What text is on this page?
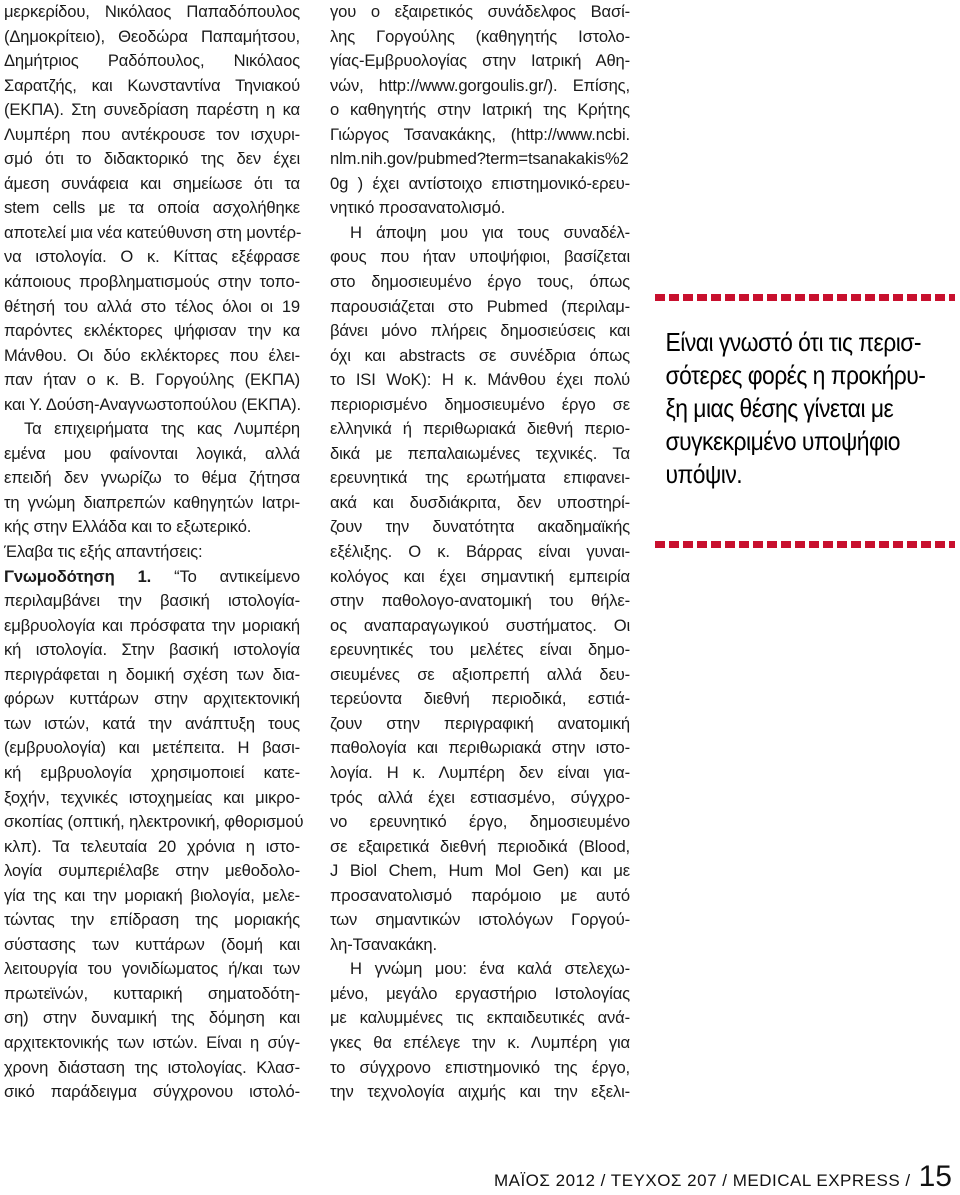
μερκερίδου, Νικόλαος Παπαδόπουλος
(Δημοκρίτειο), Θεοδώρα Παπαμήτσου,
Δημήτριος Ραδόπουλος, Νικόλαος
Σαρατζής, και Κωνσταντίνα Τηνιακού
(ΕΚΠΑ). Στη συνεδρίαση παρέστη η κα
Λυμπέρη που αντέκρουσε τον ισχυρι-
σμό ότι το διδακτορικό της δεν έχει
άμεση συνάφεια και σημείωσε ότι τα
stem cells με τα οποία ασχολήθηκε
αποτελεί μια νέα κατεύθυνση στη μοντέρ-
να ιστολογία. Ο κ. Κίττας εξέφρασε
κάποιους προβληματισμούς στην τοπο-
θέτησή του αλλά στο τέλος όλοι οι 19
παρόντες εκλέκτορες ψήφισαν την κα
Μάνθου. Οι δύο εκλέκτορες που έλει-
παν ήταν ο κ. Β. Γοργούλης (ΕΚΠΑ)
και Υ. Δούση-Αναγνωστοπούλου (ΕΚΠΑ).
Τα επιχειρήματα της κας Λυμπέρη
εμένα μου φαίνονται λογικά, αλλά
επειδή δεν γνωρίζω το θέμα ζήτησα
τη γνώμη διαπρεπών καθηγητών Ιατρι-
κής στην Ελλάδα και το εξωτερικό.
Έλαβα τις εξής απαντήσεις:
Γνωμοδότηση 1. “Το αντικείμενο
περιλαμβάνει την βασική ιστολογία-
εμβρυολογία και πρόσφατα την μοριακή
κή ιστολογία. Στην βασική ιστολογία
περιγράφεται η δομική σχέση των δια-
φόρων κυττάρων στην αρχιτεκτονική
των ιστών, κατά την ανάπτυξη τους
(εμβρυολογία) και μετέπειτα. Η βασι-
κή εμβρυολογία χρησιμοποιεί κατε-
ξοχήν, τεχνικές ιστοχημείας και μικρο-
σκοπίας (οπτική, ηλεκτρονική, φθορισμού
κλπ). Τα τελευταία 20 χρόνια η ιστο-
λογία συμπεριέλαβε στην μεθοδολο-
γία της και την μοριακή βιολογία, μελε-
τώντας την επίδραση της μοριακής
σύστασης των κυττάρων (δομή και
λειτουργία του γονιδίωματος ή/και των
πρωτεϊνών, κυτταρική σηματοδότη-
ση) στην δυναμική της δόμηση και
αρχιτεκτονικής των ιστών. Είναι η σύγ-
χρονη διάσταση της ιστολογίας. Κλασ-
σικό παράδειγμα σύγχρονου ιστολό-
γου ο εξαιρετικός συνάδελφος Βασί-
λης Γοργούλης (καθηγητής Ιστολο-
γίας-Εμβρυολογίας στην Ιατρική Αθη-
νών, http://www.gorgoulis.gr/). Επίσης,
ο καθηγητής στην Ιατρική της Κρήτης
Γιώργος Τσανακάκης, (http://www.ncbi.
nlm.nih.gov/pubmed?term=tsanakakis%2
0g ) έχει αντίστοιχο επιστημονικό-ερευ-
νητικό προσανατολισμό.
Η άποψη μου για τους συναδέλ-
φους που ήταν υποψήφιοι, βασίζεται
στο δημοσιευμένο έργο τους, όπως
παρουσιάζεται στο Pubmed (περιλαμ-
βάνει μόνο πλήρεις δημοσιεύσεις και
όχι και abstracts σε συνέδρια όπως
το ISI WoK): Η κ. Μάνθου έχει πολύ
περιορισμένο δημοσιευμένο έργο σε
ελληνικά ή περιθωριακά διεθνή περιο-
δικά με πεπαλαιωμένες τεχνικές. Τα
ερευνητικά της ερωτήματα επιφανει-
ακά και δυσδιάκριτα, δεν υποστηρί-
ζουν την δυνατότητα ακαδημαϊκής
εξέλιξης. Ο κ. Βάρρας είναι γυναι-
κολόγος και έχει σημαντική εμπειρία
στην παθολογο-ανατομική του θήλε-
ος αναπαραγωγικού συστήματος. Οι
ερευνητικές του μελέτες είναι δημο-
σιευμένες σε αξιοπρεπή αλλά δευ-
τερεύοντα διεθνή περιοδικά, εστιά-
ζουν στην περιγραφική ανατομική
παθολογία και περιθωριακά στην ιστο-
λογία. Η κ. Λυμπέρη δεν είναι για-
τρός αλλά έχει εστιασμένο, σύγχρο-
νο ερευνητικό έργο, δημοσιευμένο
σε εξαιρετικά διεθνή περιοδικά (Blood,
J Biol Chem, Hum Mol Gen) και με
προσανατολισμό παρόμοιο με αυτό
των σημαντικών ιστολόγων Γοργού-
λη-Τσανακάκη.
Η γνώμη μου: ένα καλά στελεχω-
μένο, μεγάλο εργαστήριο Ιστολογίας
με καλυμμένες τις εκπαιδευτικές ανά-
γκες θα επέλεγε την κ. Λυμπέρη για
το σύγχρονο επιστημονικό της έργο,
την τεχνολογία αιχμής και την εξελι-
Είναι γνωστό ότι τις περισ-
σότερες φορές η προκήρυ-
ξη μιας θέσης γίνεται με
συγκεκριμένο υποψήφιο
υπόψιν.
ΜΑΪΟΣ 2012 / ΤΕΥΧΟΣ 207 / MEDICAL EXPRESS / 15
